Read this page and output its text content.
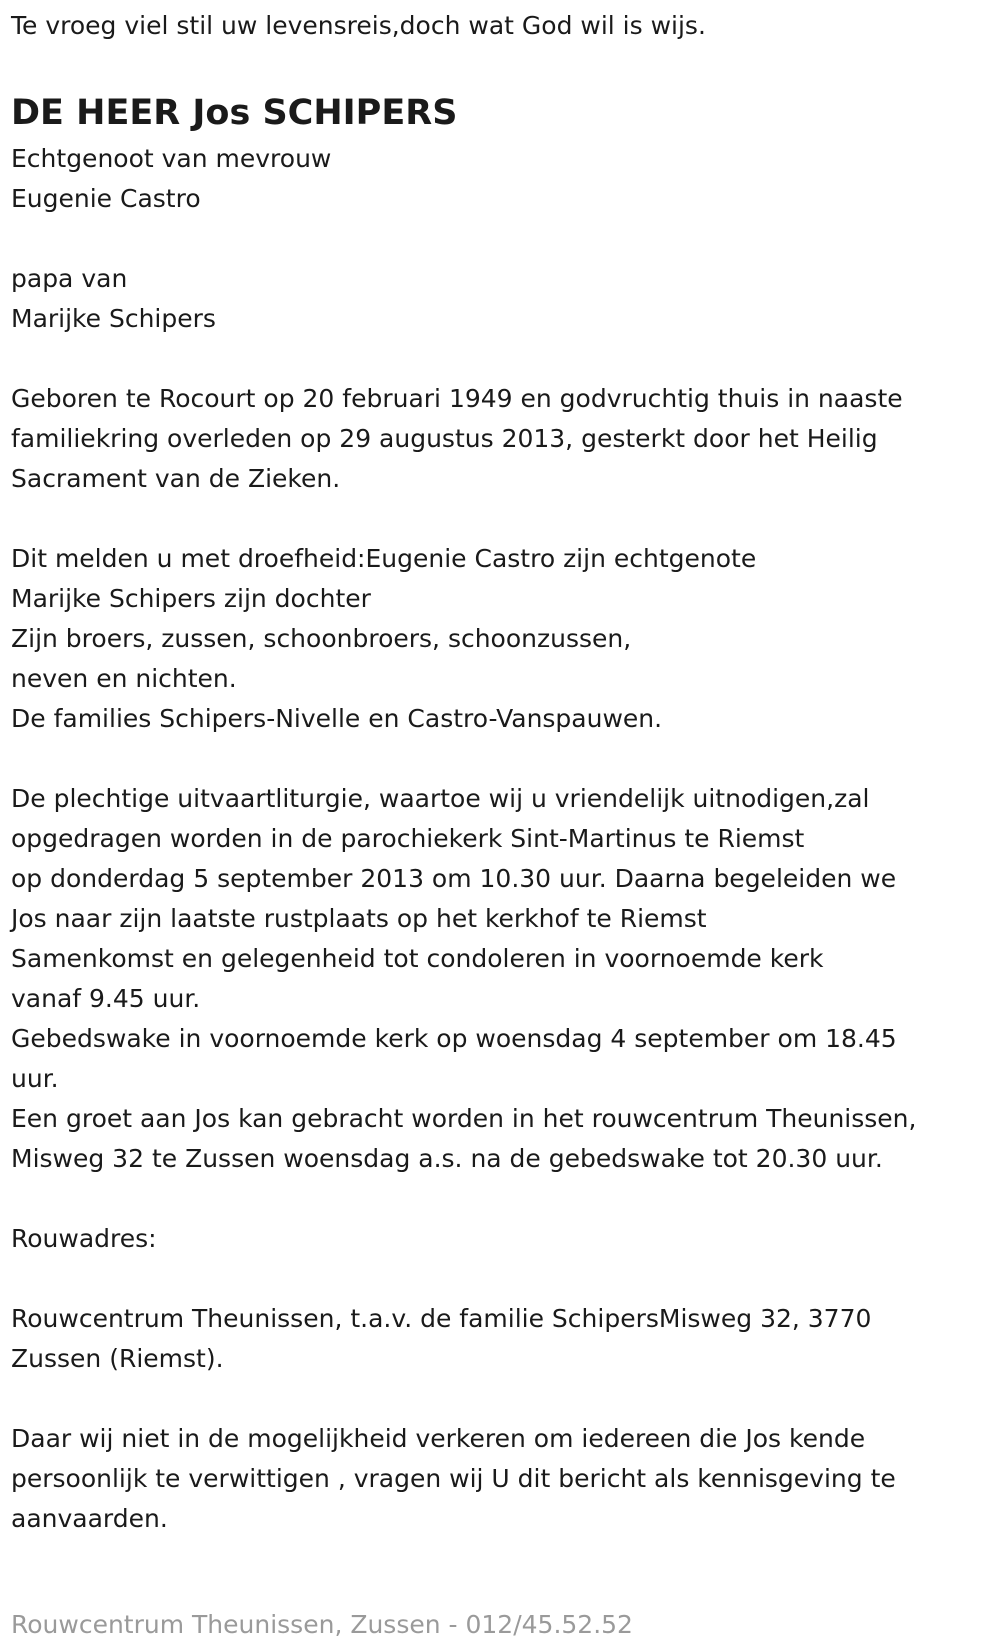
Te vroeg viel stil uw levensreis,doch wat God wil is wijs.

DE HEER Jos SCHIPERS

Echtgenoot van mevrouw

Eugenie Castro

papa van

Marijke Schipers

Geboren te Rocourt op 20 februari 1949 en godvruchtig thuis in naaste

familiekring overleden op 29 augustus 2013, gesterkt door het Heilig

Sacrament van de Zieken.

Dit melden u met droefheid:Eugenie Castro zijn echtgenote

Marijke Schipers zijn dochter

Zijn broers, zussen, schoonbroers, schoonzussen,

neven en nichten.

De families Schipers-Nivelle en Castro-Vanspauwen.

De plechtige uitvaartliturgie, waartoe wij u vriendelijk uitnodigen,zal

opgedragen worden in de parochiekerk Sint-Martinus te Riemst

op donderdag 5 september 2013 om 10.30 uur. Daarna begeleiden we

Jos naar zijn laatste rustplaats op het kerkhof te Riemst

Samenkomst en gelegenheid tot condoleren in voornoemde kerk

vanaf 9.45 uur.

Gebedswake in voornoemde kerk op woensdag 4 september om 18.45

uur.

Een groet aan Jos kan gebracht worden in het rouwcentrum Theunissen,

Misweg 32 te Zussen woensdag a.s. na de gebedswake tot 20.30 uur.

Rouwadres:

Rouwcentrum Theunissen, t.a.v. de familie SchipersMisweg 32, 3770

Zussen (Riemst).

Daar wij niet in de mogelijkheid verkeren om iedereen die Jos kende

persoonlijk te verwittigen , vragen wij U dit bericht als kennisgeving te

aanvaarden.

Rouwcentrum Theunissen, Zussen - 012/45.52.52
